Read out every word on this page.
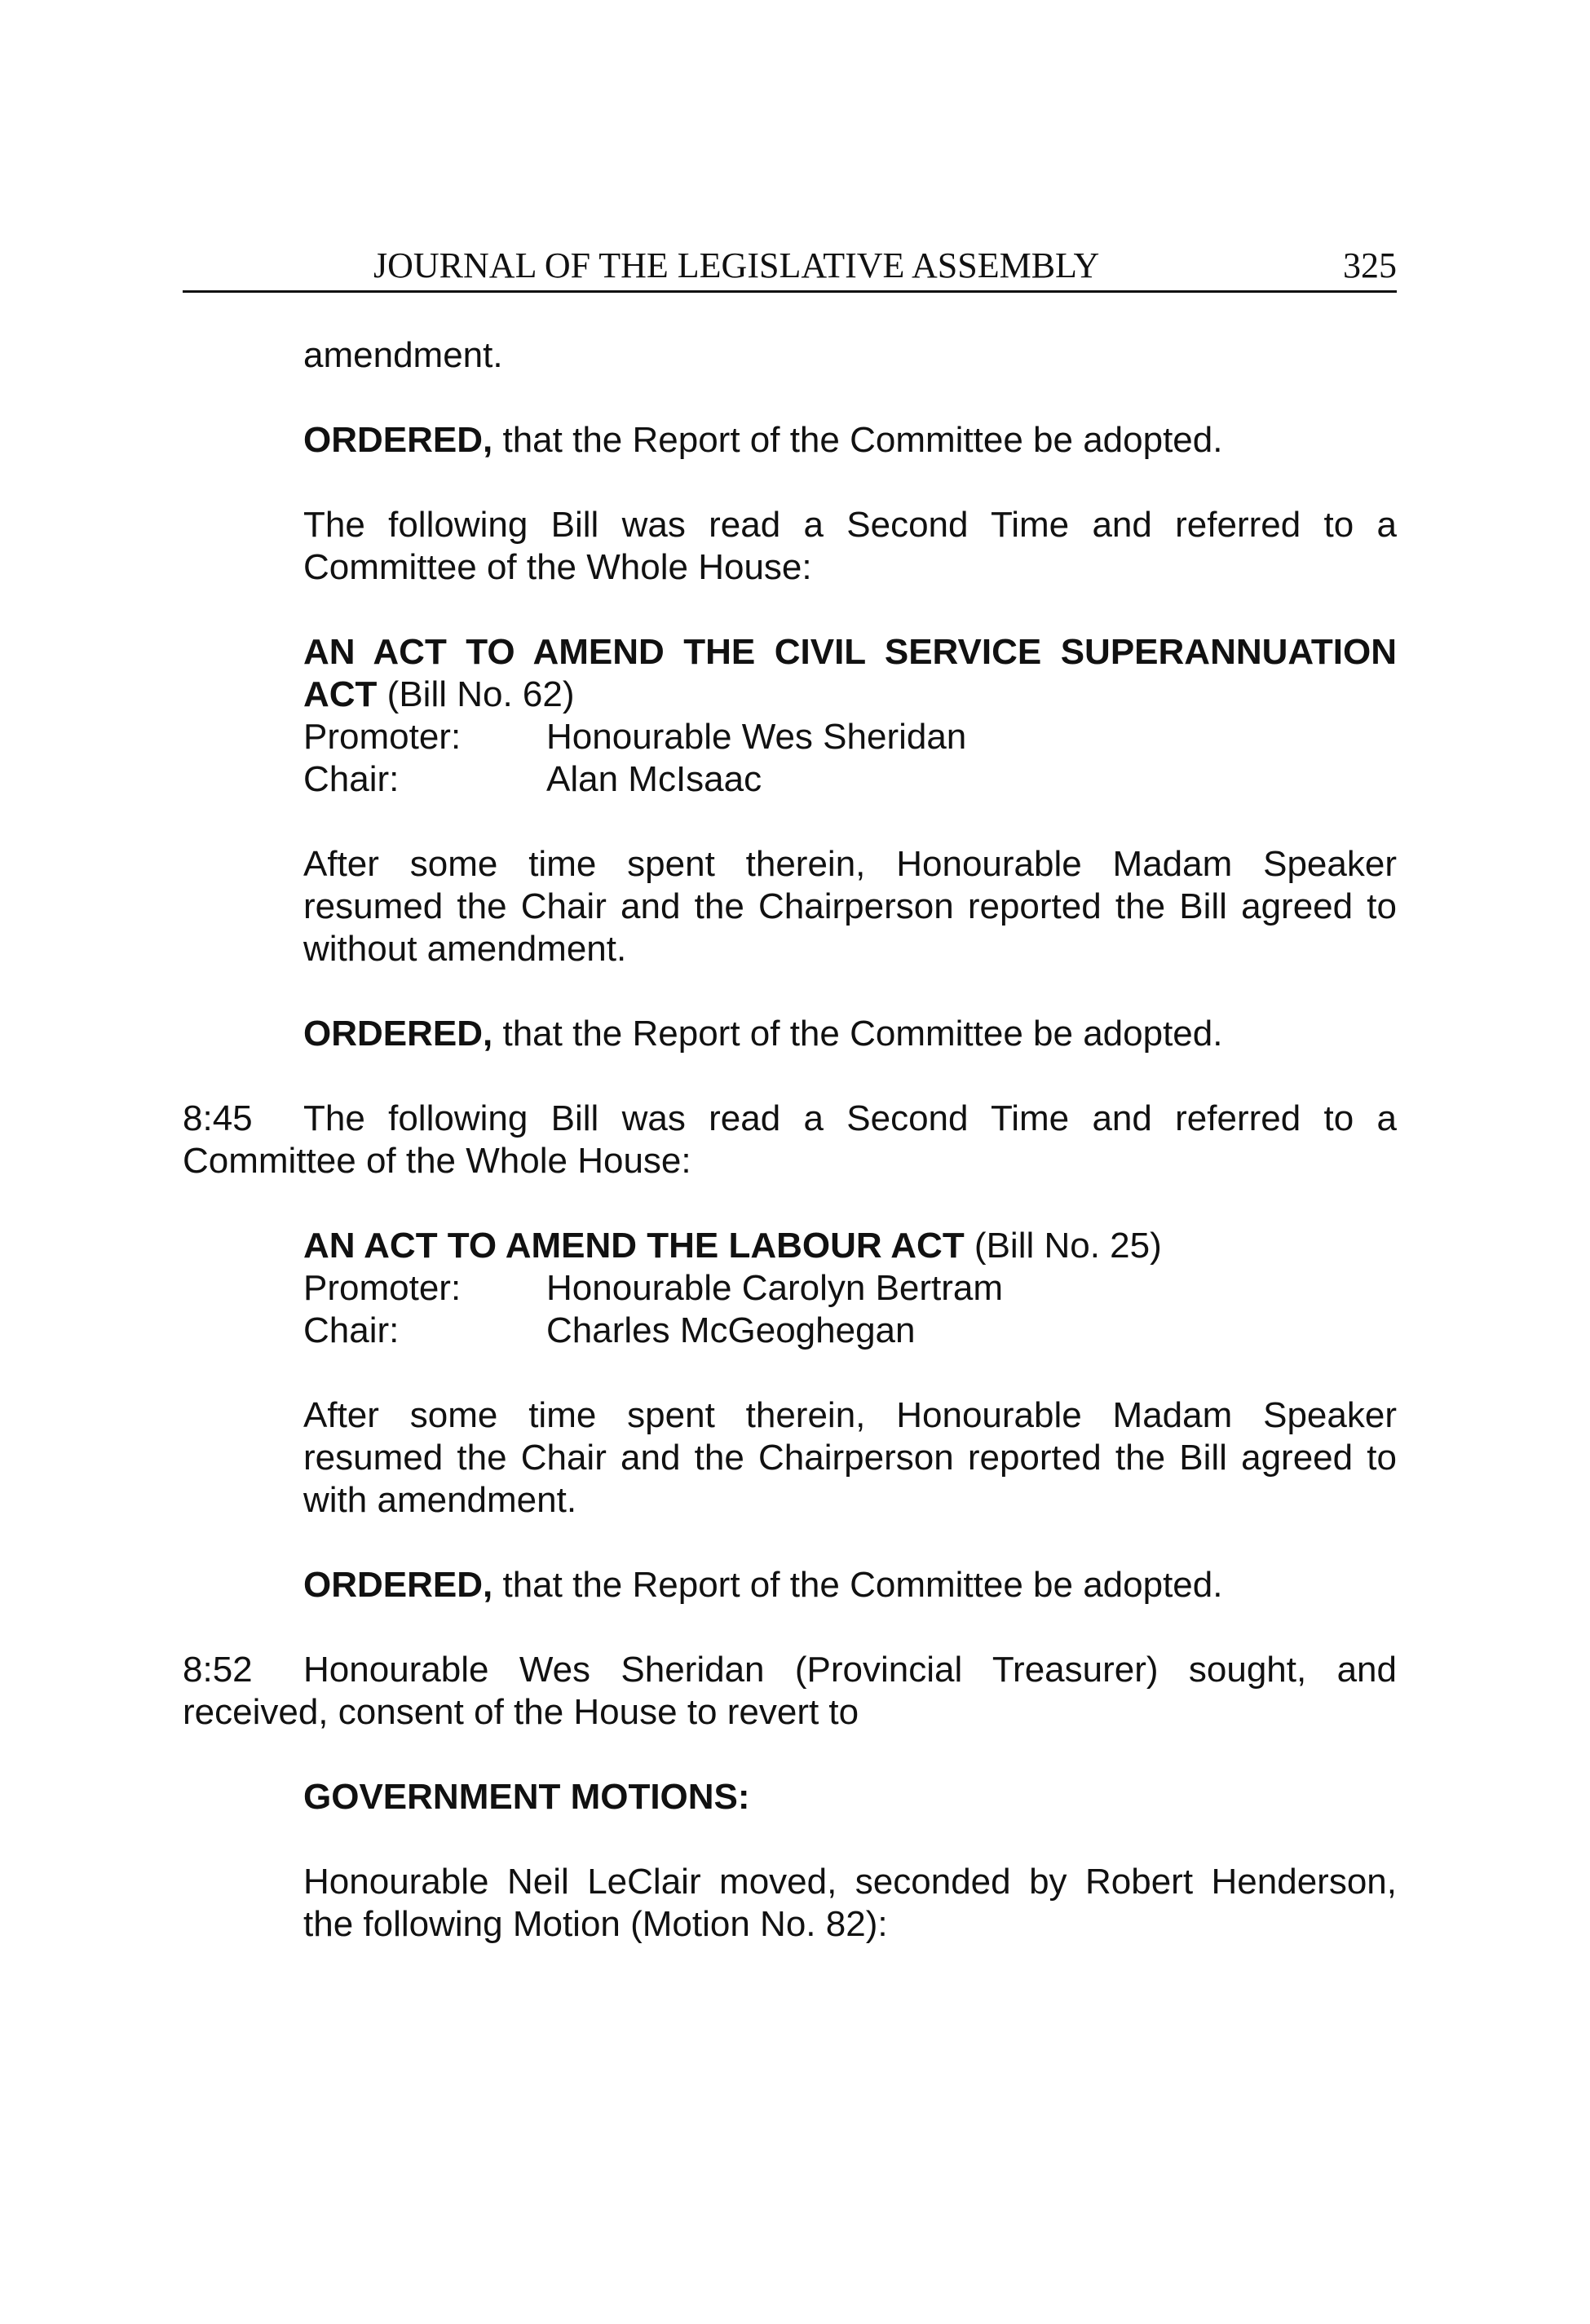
JOURNAL OF THE LEGISLATIVE ASSEMBLY	325
amendment.
ORDERED, that the Report of the Committee be adopted.
The following Bill was read a Second Time and referred to a Committee of the Whole House:
AN ACT TO AMEND THE CIVIL SERVICE SUPERANNUATION ACT (Bill No. 62)
Promoter:	Honourable Wes Sheridan
Chair:	Alan McIsaac
After some time spent therein, Honourable Madam Speaker resumed the Chair and the Chairperson reported the Bill agreed to without amendment.
ORDERED, that the Report of the Committee be adopted.
8:45 The following Bill was read a Second Time and referred to a Committee of the Whole House:
AN ACT TO AMEND THE LABOUR ACT (Bill No. 25)
Promoter:	Honourable Carolyn Bertram
Chair:	Charles McGeoghegan
After some time spent therein, Honourable Madam Speaker resumed the Chair and the Chairperson reported the Bill agreed to with amendment.
ORDERED, that the Report of the Committee be adopted.
8:52 Honourable Wes Sheridan (Provincial Treasurer) sought, and received, consent of the House to revert to
GOVERNMENT MOTIONS:
Honourable Neil LeClair moved, seconded by Robert Henderson, the following Motion (Motion No. 82):
